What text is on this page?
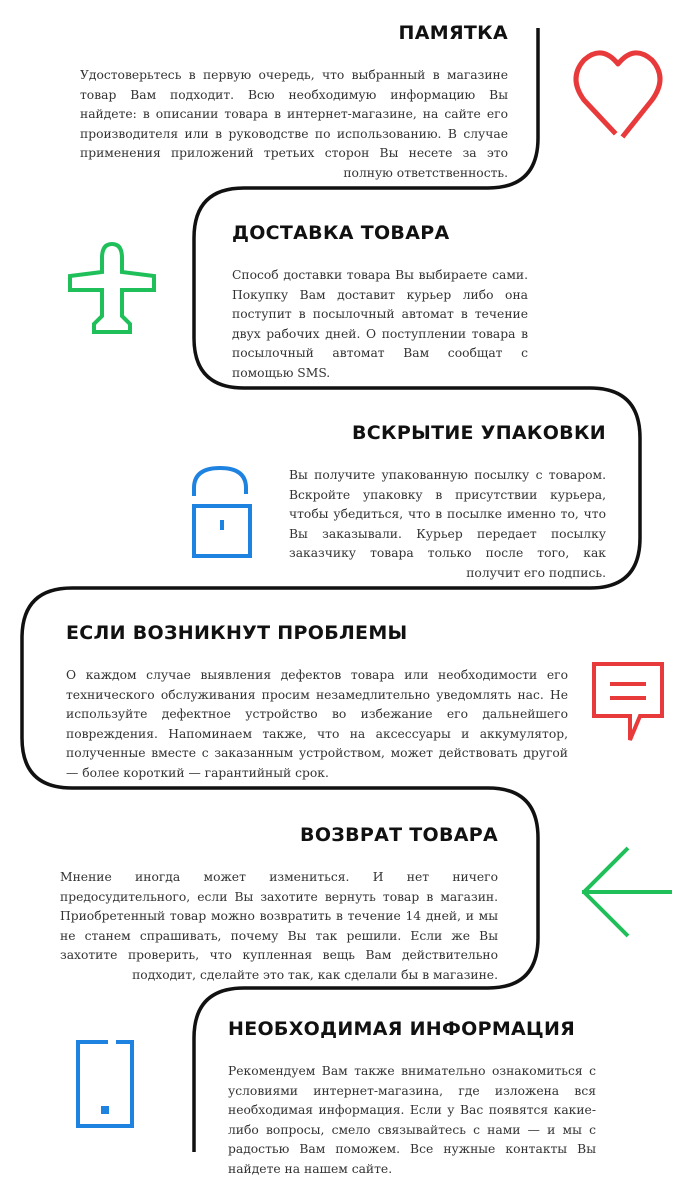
ПАМЯТКА

Удостоверьтесь в первую очередь, что выбранный в магазине товар Вам подходит. Всю необходимую информацию Вы найдете: в описании товара в интернет-магазине, на сайте его производителя или в руководстве по использованию. В случае применения приложений третьих сторон Вы несете за это полную ответственность.

ДОСТАВКА ТОВАРА

Способ доставки товара Вы выбираете сами. Покупку Вам доставит курьер либо она поступит в посылочный автомат в течение двух рабочих дней. О поступлении товара в посылочный автомат Вам сообщат с помощью SMS.

ВСКРЫТИЕ УПАКОВКИ

Вы получите упакованную посылку с товаром. Вскройте упаковку в присутствии курьера, чтобы убедиться, что в посылке именно то, что Вы заказывали. Курьер передает посылку заказчику товара только после того, как получит его подпись.

ЕСЛИ ВОЗНИКНУТ ПРОБЛЕМЫ

О каждом случае выявления дефектов товара или необходимости его технического обслуживания просим незамедлительно уведомлять нас. Не используйте дефектное устройство во избежание его дальнейшего повреждения. Напоминаем также, что на аксессуары и аккумулятор, полученные вместе с заказанным устройством, может действовать другой — более короткий — гарантийный срок.

ВОЗВРАТ ТОВАРА

Мнение иногда может измениться. И нет ничего предосудительного, если Вы захотите вернуть товар в магазин. Приобретенный товар можно возвратить в течение 14 дней, и мы не станем спрашивать, почему Вы так решили. Если же Вы захотите проверить, что купленная вещь Вам действительно подходит, сделайте это так, как сделали бы в магазине.

НЕОБХОДИМАЯ ИНФОРМАЦИЯ

Рекомендуем Вам также внимательно ознакомиться с условиями интернет-магазина, где изложена вся необходимая информация. Если у Вас появятся какие-либо вопросы, смело связывайтесь с нами — и мы с радостью Вам поможем. Все нужные контакты Вы найдете на нашем сайте.
